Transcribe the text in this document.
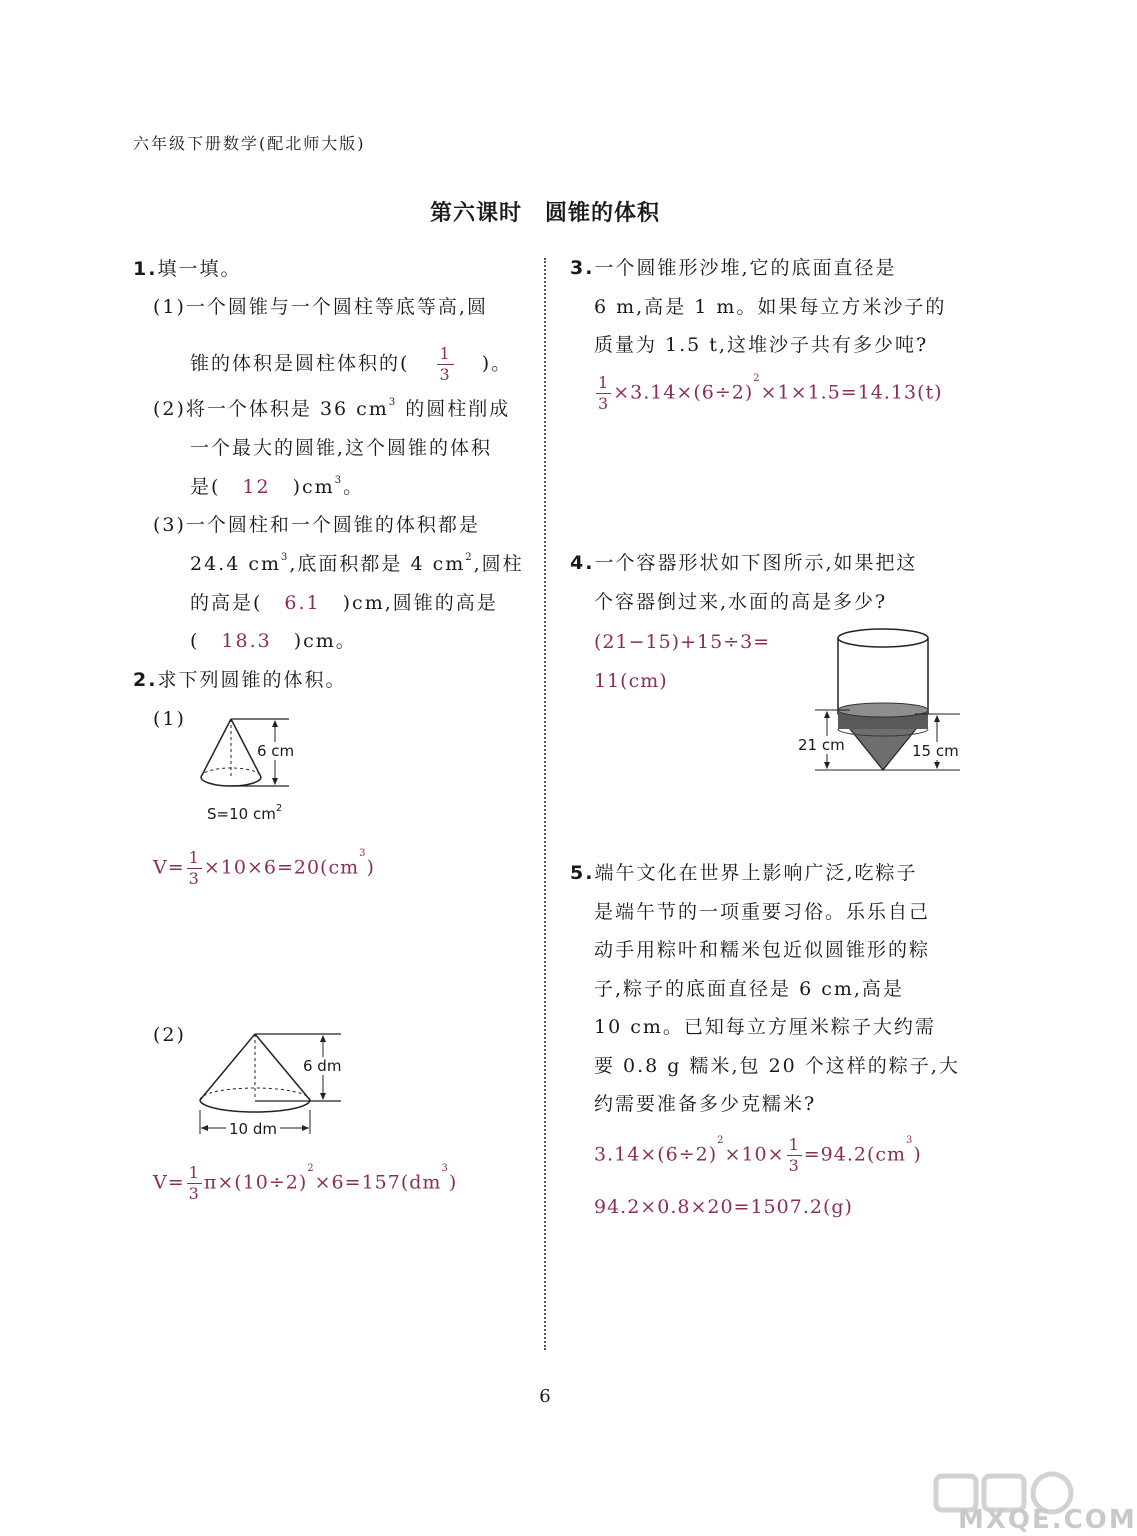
六年级下册数学(配北师大版)
第六课时　圆锥的体积
1.填一填。
(1)一个圆锥与一个圆柱等底等高,圆
锥的体积是圆柱体积的( $\frac{1}{3}$ )。
(2)将一个体积是 36 $cm^3$ 的圆柱削成
一个最大的圆锥,这个圆锥的体积
是( 12 )$cm^3$。
(3)一个圆柱和一个圆锥的体积都是
24.4 $cm^3$,底面积都是 4 $cm^2$,圆柱
的高是( 6.1 )cm,圆锥的高是
( 18.3 )cm。
2.求下列圆锥的体积。
(1)
6 cm
S=10 $cm^2$
$V= \frac{1}{3} \times 10\times 6=20(cm^3)$
(2)
6 dm
10 dm
$V= \frac{1}{3} \pi\times(10\div 2)^2\times 6=157(dm^3)$
3.一个圆锥形沙堆,它的底面直径是
6 m,高是 1 m。如果每立方米沙子的
质量为 1.5 t,这堆沙子共有多少吨?
$\frac{1}{3} \times 3.14\times(6\div 2)^2\times 1\times 1.5=14.13(t)$
4.一个容器形状如下图所示,如果把这
个容器倒过来,水面的高是多少?
(21−15)+15÷3=
11(cm)
21 cm	15 cm
5.端午文化在世界上影响广泛,吃粽子
是端午节的一项重要习俗。乐乐自己
动手用粽叶和糯米包近似圆锥形的粽
子,粽子的底面直径是 6 cm,高是
10 cm。已知每立方厘米粽子大约需
要 0.8 g 糯米,包 20 个这样的粽子,大
约需要准备多少克糯米?
$3.14\times(6\div 2)^2\times 10\times \frac{1}{3} =94.2(cm^3)$
94.2×0.8×20=1507.2(g)
6
MXQE.COM
